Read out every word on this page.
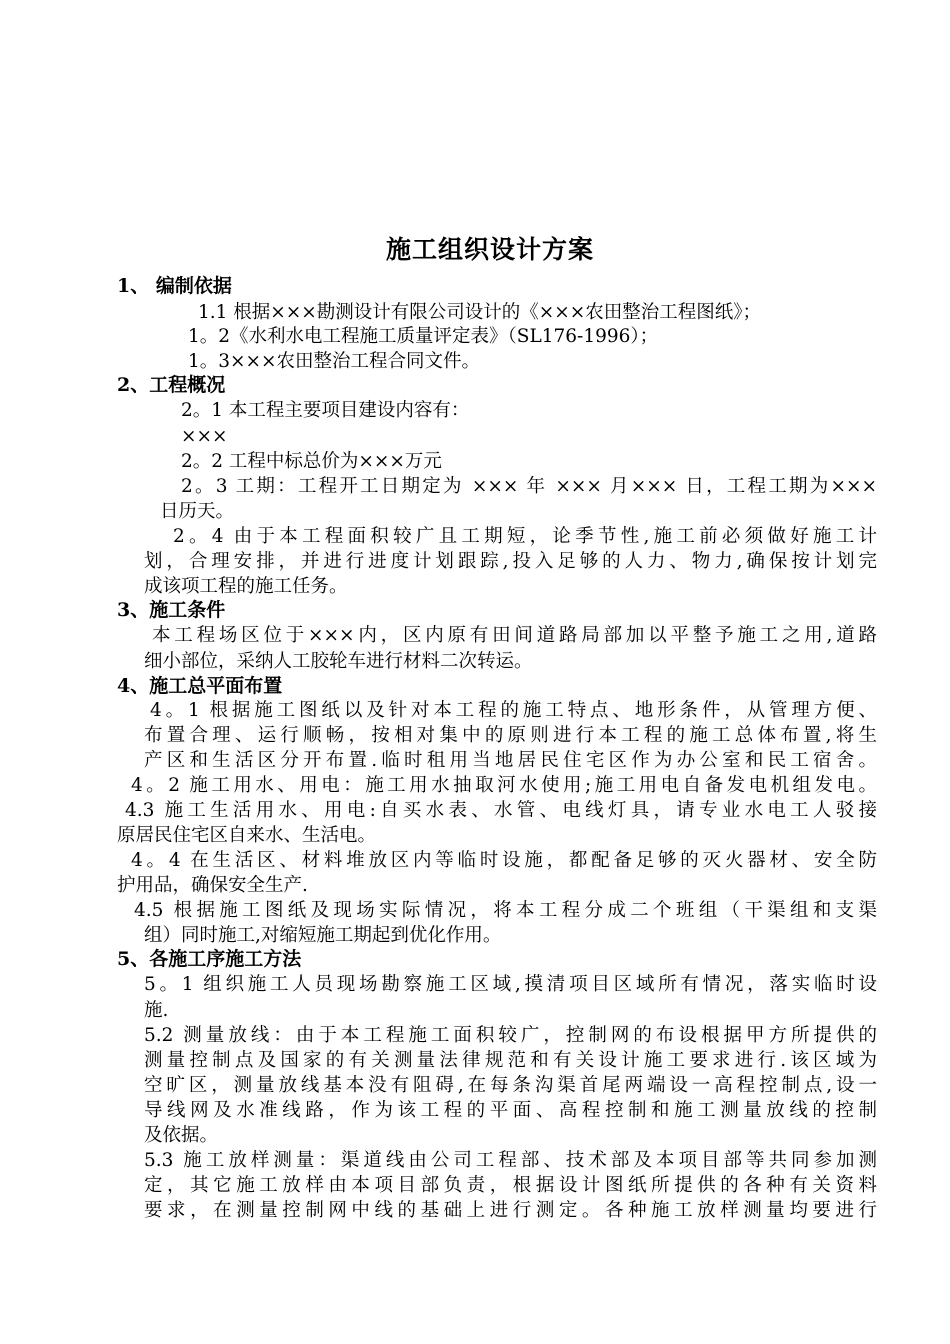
施工组织设计方案
1、 编制依据
1.1 根据×××勘测设计有限公司设计的《×××农田整治工程图纸》；
1。2《水利水电工程施工质量评定表》（SL176-1996）；
1。3×××农田整治工程合同文件。
2、工程概况
2。1 本工程主要项目建设内容有：
×××
2。2 工程中标总价为×××万元
2。3 工期：工程开工日期定为 ××× 年 ××× 月××× 日，工程工期为×××
日历天。
2。4 由于本工程面积较广且工期短，论季节性,施工前必须做好施工计
划，合理安排，并进行进度计划跟踪,投入足够的人力、物力,确保按计划完
成该项工程的施工任务。
3、施工条件
本工程场区位于×××内，区内原有田间道路局部加以平整予施工之用,道路
细小部位，采纳人工胶轮车进行材料二次转运。
4、施工总平面布置
4。1 根据施工图纸以及针对本工程的施工特点、地形条件，从管理方便、
布置合理、运行顺畅，按相对集中的原则进行本工程的施工总体布置,将生
产区和生活区分开布置.临时租用当地居民住宅区作为办公室和民工宿舍。
4。2 施工用水、用电：施工用水抽取河水使用;施工用电自备发电机组发电。
4.3 施工生活用水、用电:自买水表、水管、电线灯具，请专业水电工人驳接
原居民住宅区自来水、生活电。
4。4 在生活区、材料堆放区内等临时设施，都配备足够的灭火器材、安全防
护用品，确保安全生产.
4.5 根据施工图纸及现场实际情况，将本工程分成二个班组（干渠组和支渠
组）同时施工,对缩短施工期起到优化作用。
5、各施工序施工方法
5。1 组织施工人员现场勘察施工区域,摸清项目区域所有情况，落实临时设
施.
5.2 测量放线：由于本工程施工面积较广，控制网的布设根据甲方所提供的
测量控制点及国家的有关测量法律规范和有关设计施工要求进行.该区域为
空旷区，测量放线基本没有阻碍,在每条沟渠首尾两端设一高程控制点,设一
导线网及水准线路，作为该工程的平面、高程控制和施工测量放线的控制
及依据。
5.3 施工放样测量：渠道线由公司工程部、技术部及本项目部等共同参加测
定，其它施工放样由本项目部负责，根据设计图纸所提供的各种有关资料
要求，在测量控制网中线的基础上进行测定。各种施工放样测量均要进行
